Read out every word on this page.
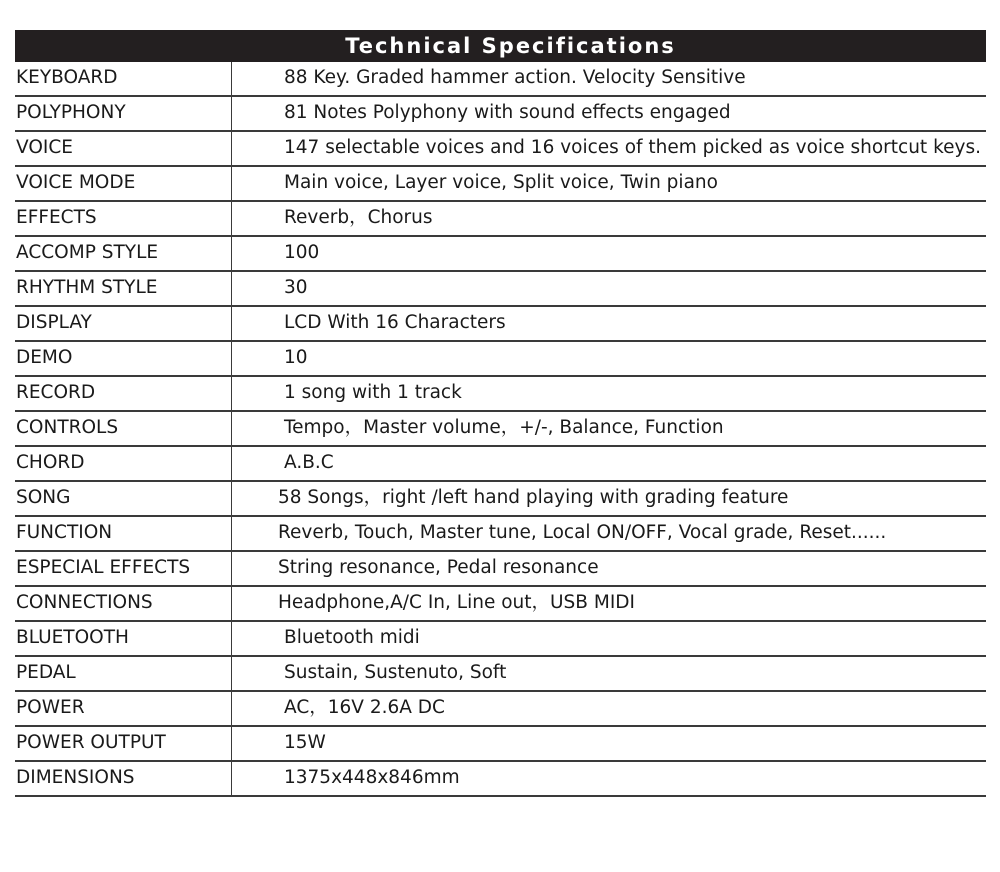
Technical Specifications
KEYBOARD	88 Key. Graded hammer action. Velocity Sensitive
POLYPHONY	81 Notes Polyphony with sound effects engaged
VOICE	147 selectable voices and 16 voices of them picked as voice shortcut keys.
VOICE MODE	Main voice, Layer voice, Split voice, Twin piano
EFFECTS	Reverb，Chorus
ACCOMP STYLE	100
RHYTHM STYLE	30
DISPLAY	LCD With 16 Characters
DEMO	10
RECORD	1 song with 1 track
CONTROLS	Tempo，Master volume，+/-, Balance, Function
CHORD	A.B.C
SONG	58 Songs，right /left hand playing with grading feature
FUNCTION	Reverb, Touch, Master tune, Local ON/OFF, Vocal grade, Reset......
ESPECIAL EFFECTS	String resonance, Pedal resonance
CONNECTIONS	Headphone,A/C In, Line out，USB MIDI
BLUETOOTH	Bluetooth midi
PEDAL	Sustain, Sustenuto, Soft
POWER	AC，16V 2.6A DC
POWER OUTPUT	15W
DIMENSIONS	1375x448x846mm
